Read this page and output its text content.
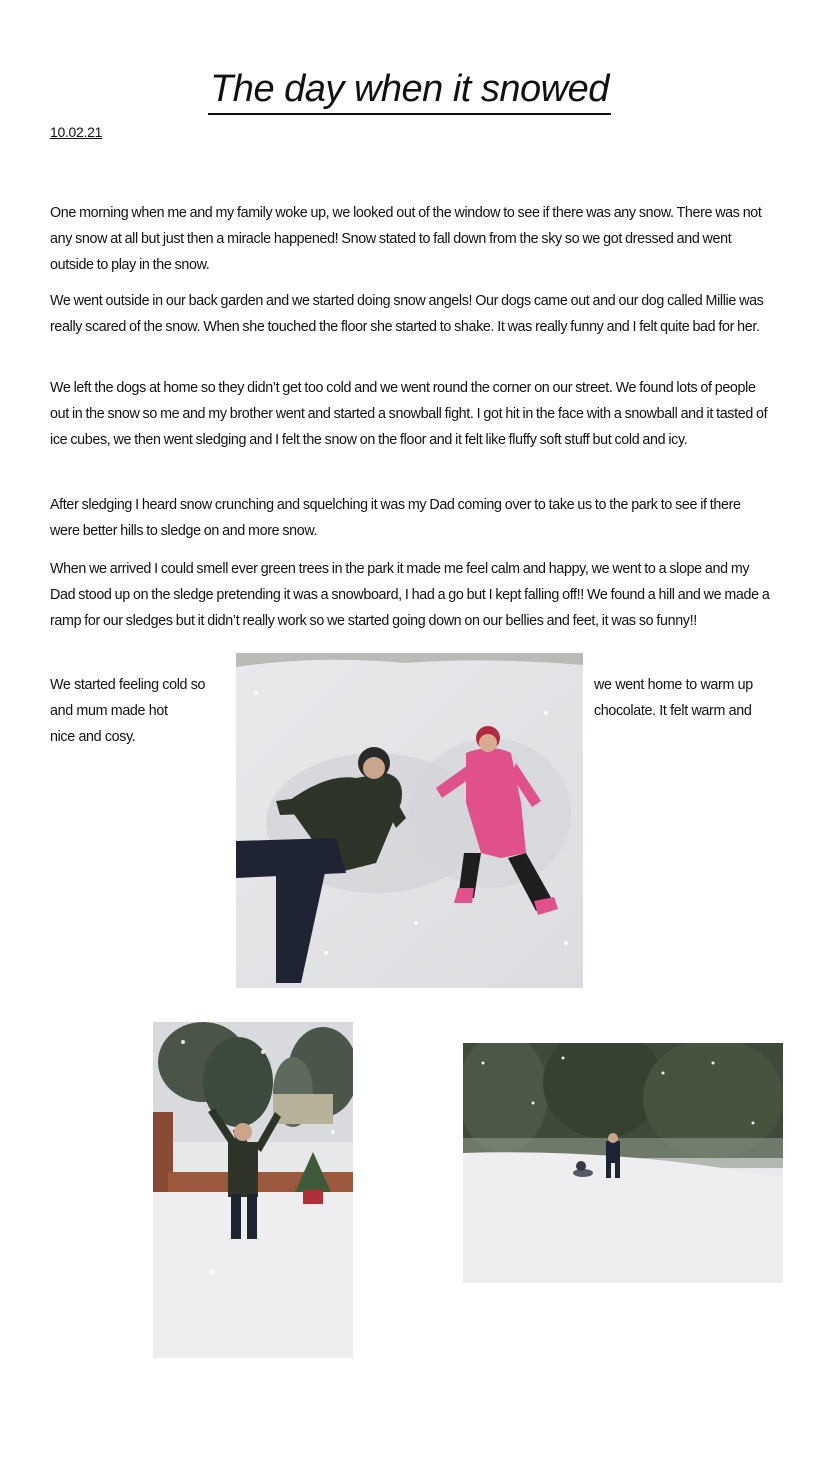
The day when it snowed
10.02.21

One morning when me and my family woke up, we looked out of the window to see if there was any snow. There was not any snow at all but just then a miracle happened! Snow stated to fall down from the sky so we got dressed and went outside to play in the snow.

We went outside in our back garden and we started doing snow angels! Our dogs came out and our dog called Millie was really scared of the snow. When she touched the floor she started to shake. It was really funny and I felt quite bad for her.

We left the dogs at home so they didn’t get too cold and we went round the corner on our street. We found lots of people out in the snow so me and my brother went and started a snowball fight. I got hit in the face with a snowball and it tasted of ice cubes, we then went sledging and I felt the snow on the floor and it felt like fluffy soft stuff but cold and icy.

After sledging I heard snow crunching and squelching it was my Dad coming over to take us to the park to see if there were better hills to sledge on and more snow.

When we arrived I could smell ever green trees in the park it made me feel calm and happy, we went to a slope and my Dad stood up on the sledge pretending it was a snowboard, I had a go but I kept falling off!! We found a hill and we made a ramp for our sledges but it didn’t really work so we started going down on our bellies and feet, it was so funny!!

We started feeling cold so
and mum made hot
nice and cosy.
we went home to warm up
chocolate. It felt warm and
